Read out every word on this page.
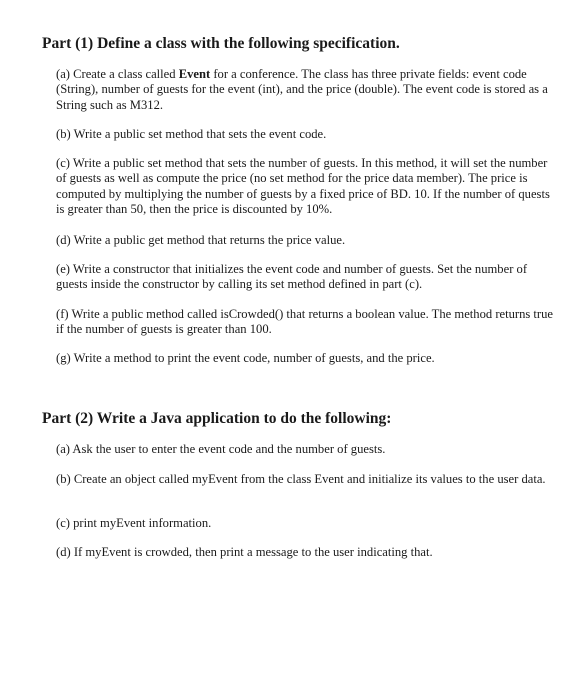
Part (1) Define a class with the following specification.
(a) Create a class called Event for a conference. The class has three private fields: event code (String), number of guests for the event (int), and the price (double). The event code is stored as a String such as M312.
(b) Write a public set method that sets the event code.
(c) Write a public set method that sets the number of guests. In this method, it will set the number of guests as well as compute the price (no set method for the price data member). The price is computed by multiplying the number of guests by a fixed price of BD. 10. If the number of quests is greater than 50, then the price is discounted by 10%.
(d) Write a public get method that returns the price value.
(e) Write a constructor that initializes the event code and number of guests. Set the number of guests inside the constructor by calling its set method defined in part (c).
(f) Write a public method called isCrowded() that returns a boolean value. The method returns true if the number of guests is greater than 100.
(g) Write a method to print the event code, number of guests, and the price.
Part (2) Write a Java application to do the following:
(a) Ask the user to enter the event code and the number of guests.
(b) Create an object called myEvent from the class Event and initialize its values to the user data.
(c) print myEvent information.
(d) If myEvent is crowded, then print a message to the user indicating that.
